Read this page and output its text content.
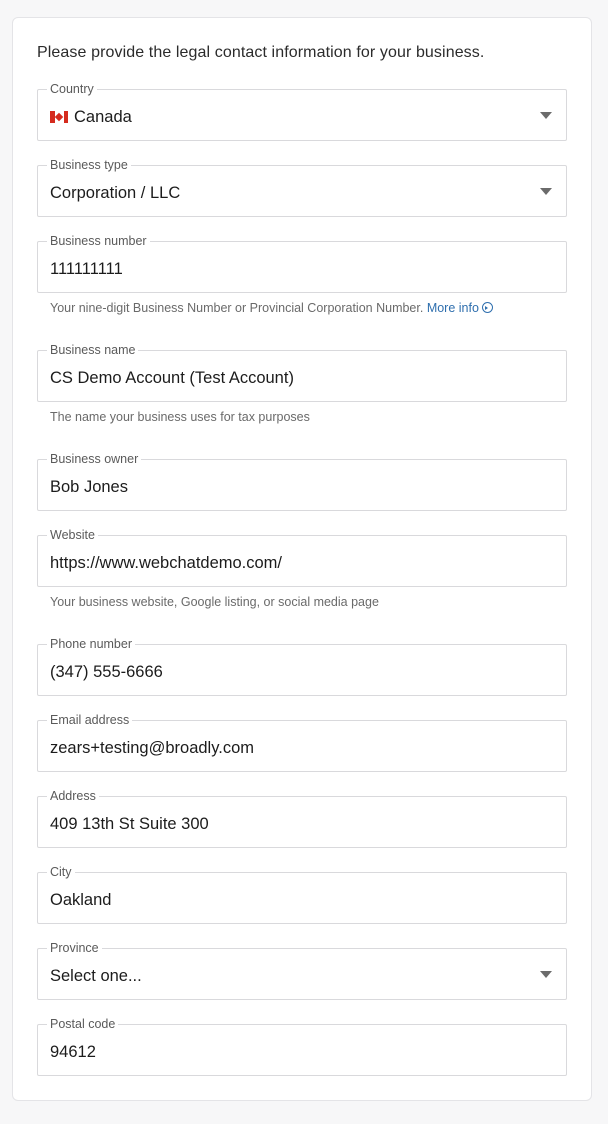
Please provide the legal contact information for your business.
Country
Canada
Business type
Corporation / LLC
Business number
111111111
Your nine-digit Business Number or Provincial Corporation Number. More info
Business name
CS Demo Account (Test Account)
The name your business uses for tax purposes
Business owner
Bob Jones
Website
https://www.webchatdemo.com/
Your business website, Google listing, or social media page
Phone number
(347) 555-6666
Email address
zears+testing@broadly.com
Address
409 13th St Suite 300
City
Oakland
Province
Select one...
Postal code
94612
